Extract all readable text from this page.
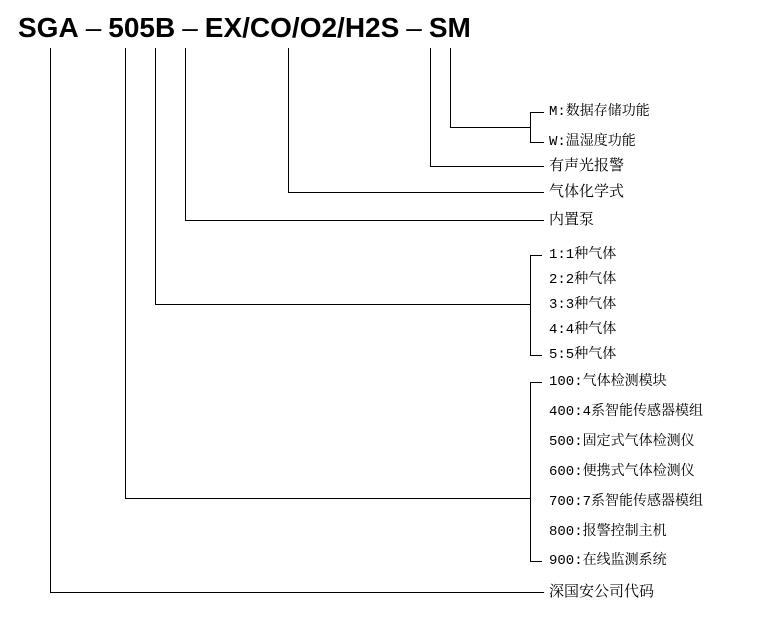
SGA – 505B – EX/CO/O2/H2S – SM
M:数据存储功能
W:温湿度功能
有声光报警
气体化学式
内置泵
1:1种气体
2:2种气体
3:3种气体
4:4种气体
5:5种气体
100:气体检测模块
400:4系智能传感器模组
500:固定式气体检测仪
600:便携式气体检测仪
700:7系智能传感器模组
800:报警控制主机
900:在线监测系统
深国安公司代码
